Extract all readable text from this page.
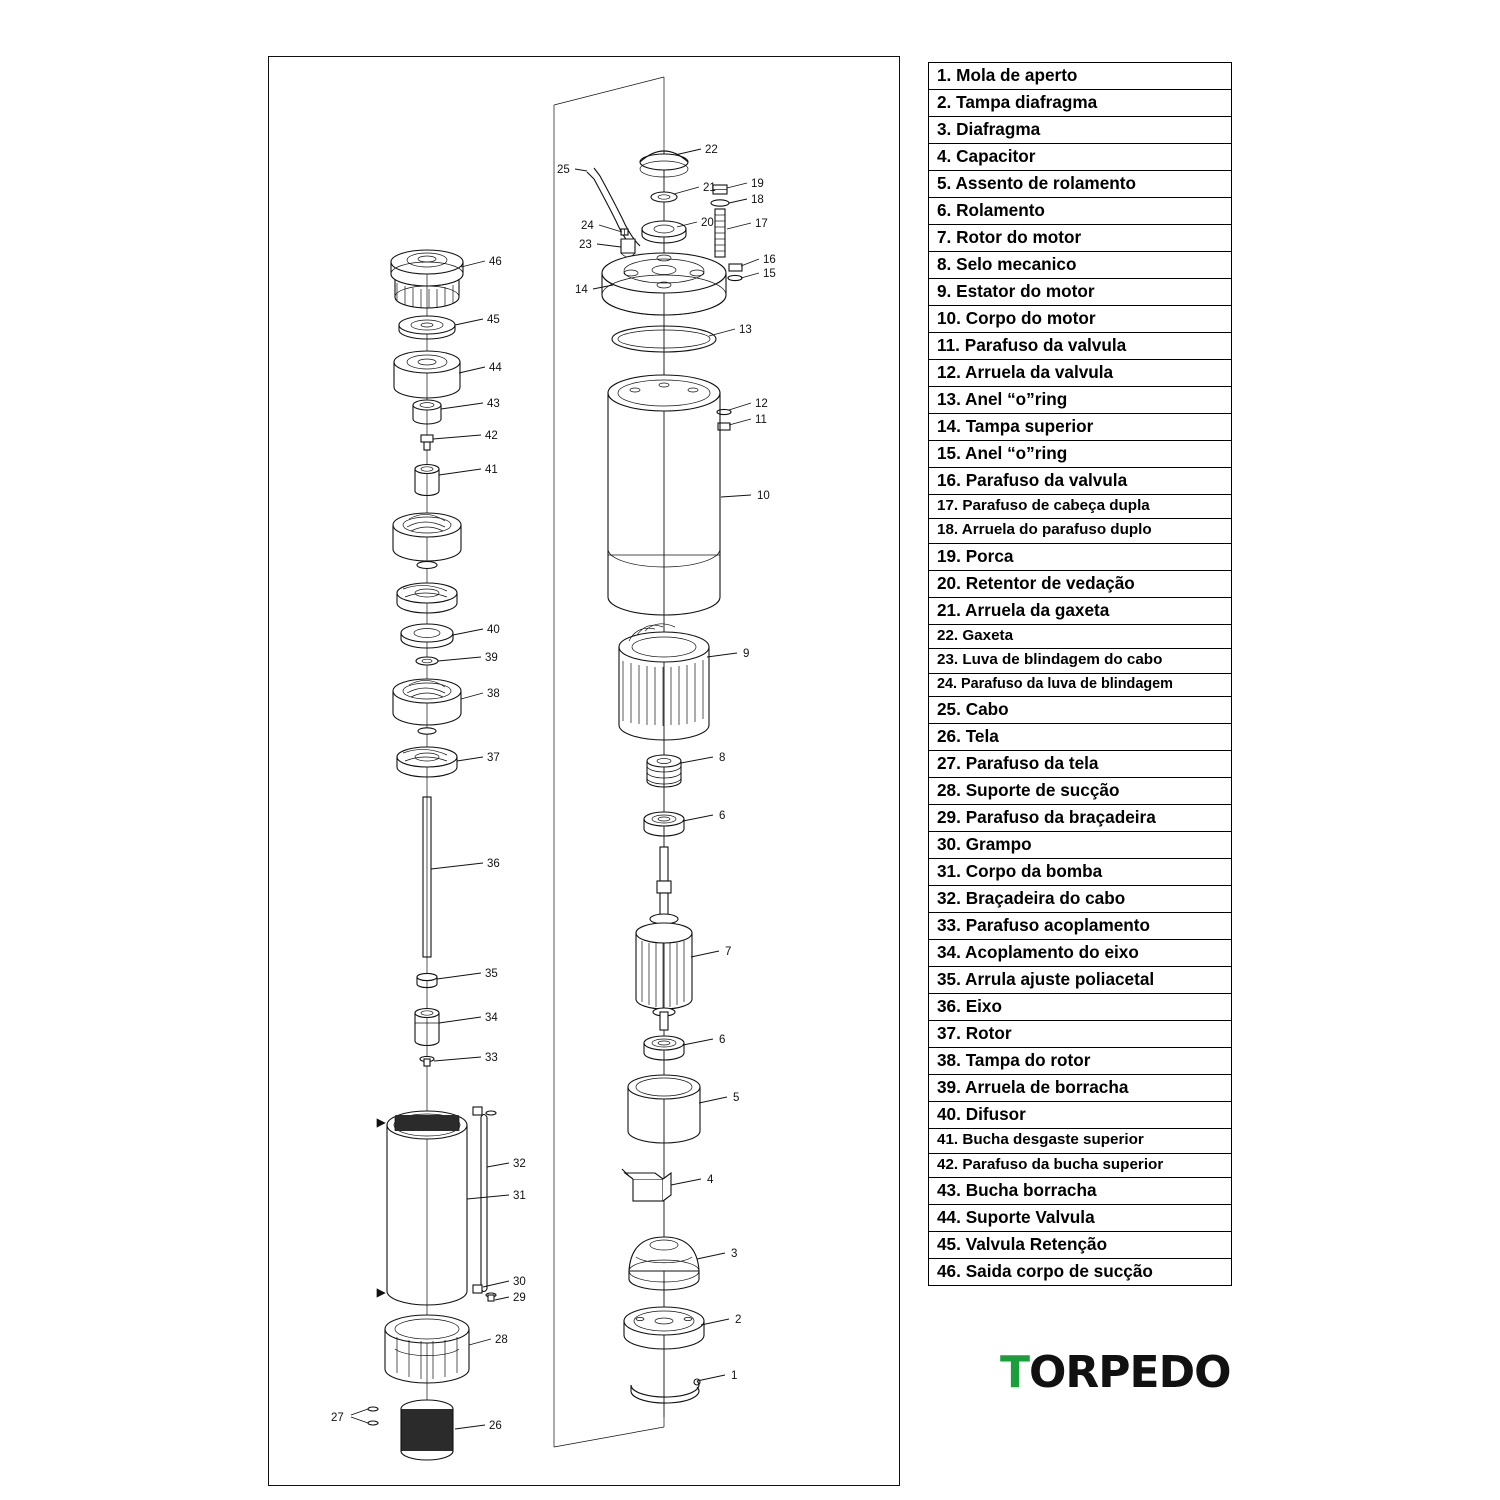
22
21	19
18
20	17
16
15
25
24
23
14
13
12
11
10
9
8
6
7
6
5
4
3
2
1
46
45
44
43
42
41
40
39
38
37
36
35
34
33
32
31
30
29
28
26
27
1. Mola de aperto
2. Tampa diafragma
3. Diafragma
4. Capacitor
5. Assento de rolamento
6. Rolamento
7. Rotor do motor
8. Selo mecanico
9. Estator do motor
10. Corpo do motor
11. Parafuso da valvula
12. Arruela da valvula
13. Anel “o”ring
14. Tampa superior
15. Anel “o”ring
16. Parafuso da valvula
17. Parafuso de cabeça dupla
18. Arruela do parafuso duplo
19. Porca
20. Retentor de vedação
21. Arruela da gaxeta
22. Gaxeta
23. Luva de blindagem do cabo
24. Parafuso da luva de blindagem
25. Cabo
26. Tela
27. Parafuso da tela
28. Suporte de sucção
29. Parafuso da braçadeira
30. Grampo
31. Corpo da bomba
32. Braçadeira do cabo
33. Parafuso acoplamento
34. Acoplamento do eixo
35. Arrula ajuste poliacetal
36. Eixo
37. Rotor
38. Tampa do rotor
39. Arruela de borracha
40. Difusor
41. Bucha desgaste superior
42. Parafuso da bucha superior
43. Bucha borracha
44. Suporte Valvula
45. Valvula Retenção
46. Saida corpo de sucção
T ORPEDO
